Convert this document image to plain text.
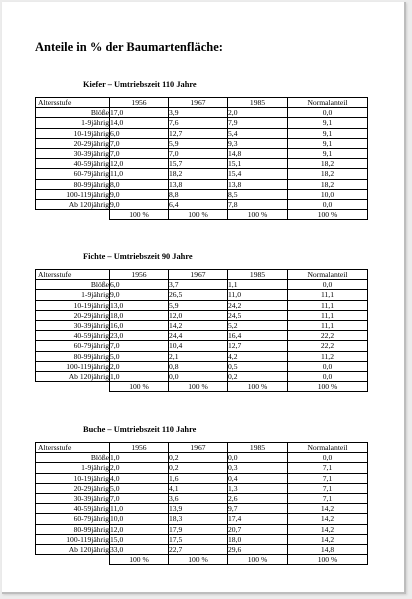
Anteile in % der Baumartenfläche:
Kiefer – Umtriebszeit 110 Jahre
Altersstufe	1956	1967	1985	Normalanteil
Blöße	17,0	3,9	2,0	0,0
1-9jährig	14,0	7,6	7,9	9,1
10-19jährig	6,0	12,7	5,4	9,1
20-29jährig	7,0	5,9	9,3	9,1
30-39jährig	7,0	7,0	14,8	9,1
40-59jährig	12,0	15,7	15,1	18,2
60-79jährig	11,0	18,2	15,4	18,2
80-99jährig	8,0	13,8	13,8	18,2
100-119jährig	9,0	8,8	8,5	10,0
Ab 120jährig	9,0	6,4	7,8	0,0
	100 %	100 %	100 %	100 %
Fichte – Umtriebszeit 90 Jahre
Altersstufe	1956	1967	1985	Normalanteil
Blöße	6,0	3,7	1,1	0,0
1-9jährig	9,0	26,5	11,0	11,1
10-19jährig	13,0	5,9	24,2	11,1
20-29jährig	18,0	12,0	24,5	11,1
30-39jährig	16,0	14,2	5,2	11,1
40-59jährig	23,0	24,4	16,4	22,2
60-79jährig	7,0	10,4	12,7	22,2
80-99jährig	5,0	2,1	4,2	11,2
100-119jährig	2,0	0,8	0,5	0,0
Ab 120jährig	1,0	0,0	0,2	0,0
	100 %	100 %	100 %	100 %
Buche – Umtriebszeit 110 Jahre
Altersstufe	1956	1967	1985	Normalanteil
Blöße	1,0	0,2	0,0	0,0
1-9jährig	2,0	0,2	0,3	7,1
10-19jährig	4,0	1,6	0,4	7,1
20-29jährig	5,0	4,1	1,3	7,1
30-39jährig	7,0	3,6	2,6	7,1
40-59jährig	11,0	13,9	9,7	14,2
60-79jährig	10,0	18,3	17,4	14,2
80-99jährig	12,0	17,9	20,7	14,2
100-119jährig	15,0	17,5	18,0	14,2
Ab 120jährig	33,0	22,7	29,6	14,8
	100 %	100 %	100 %	100 %
